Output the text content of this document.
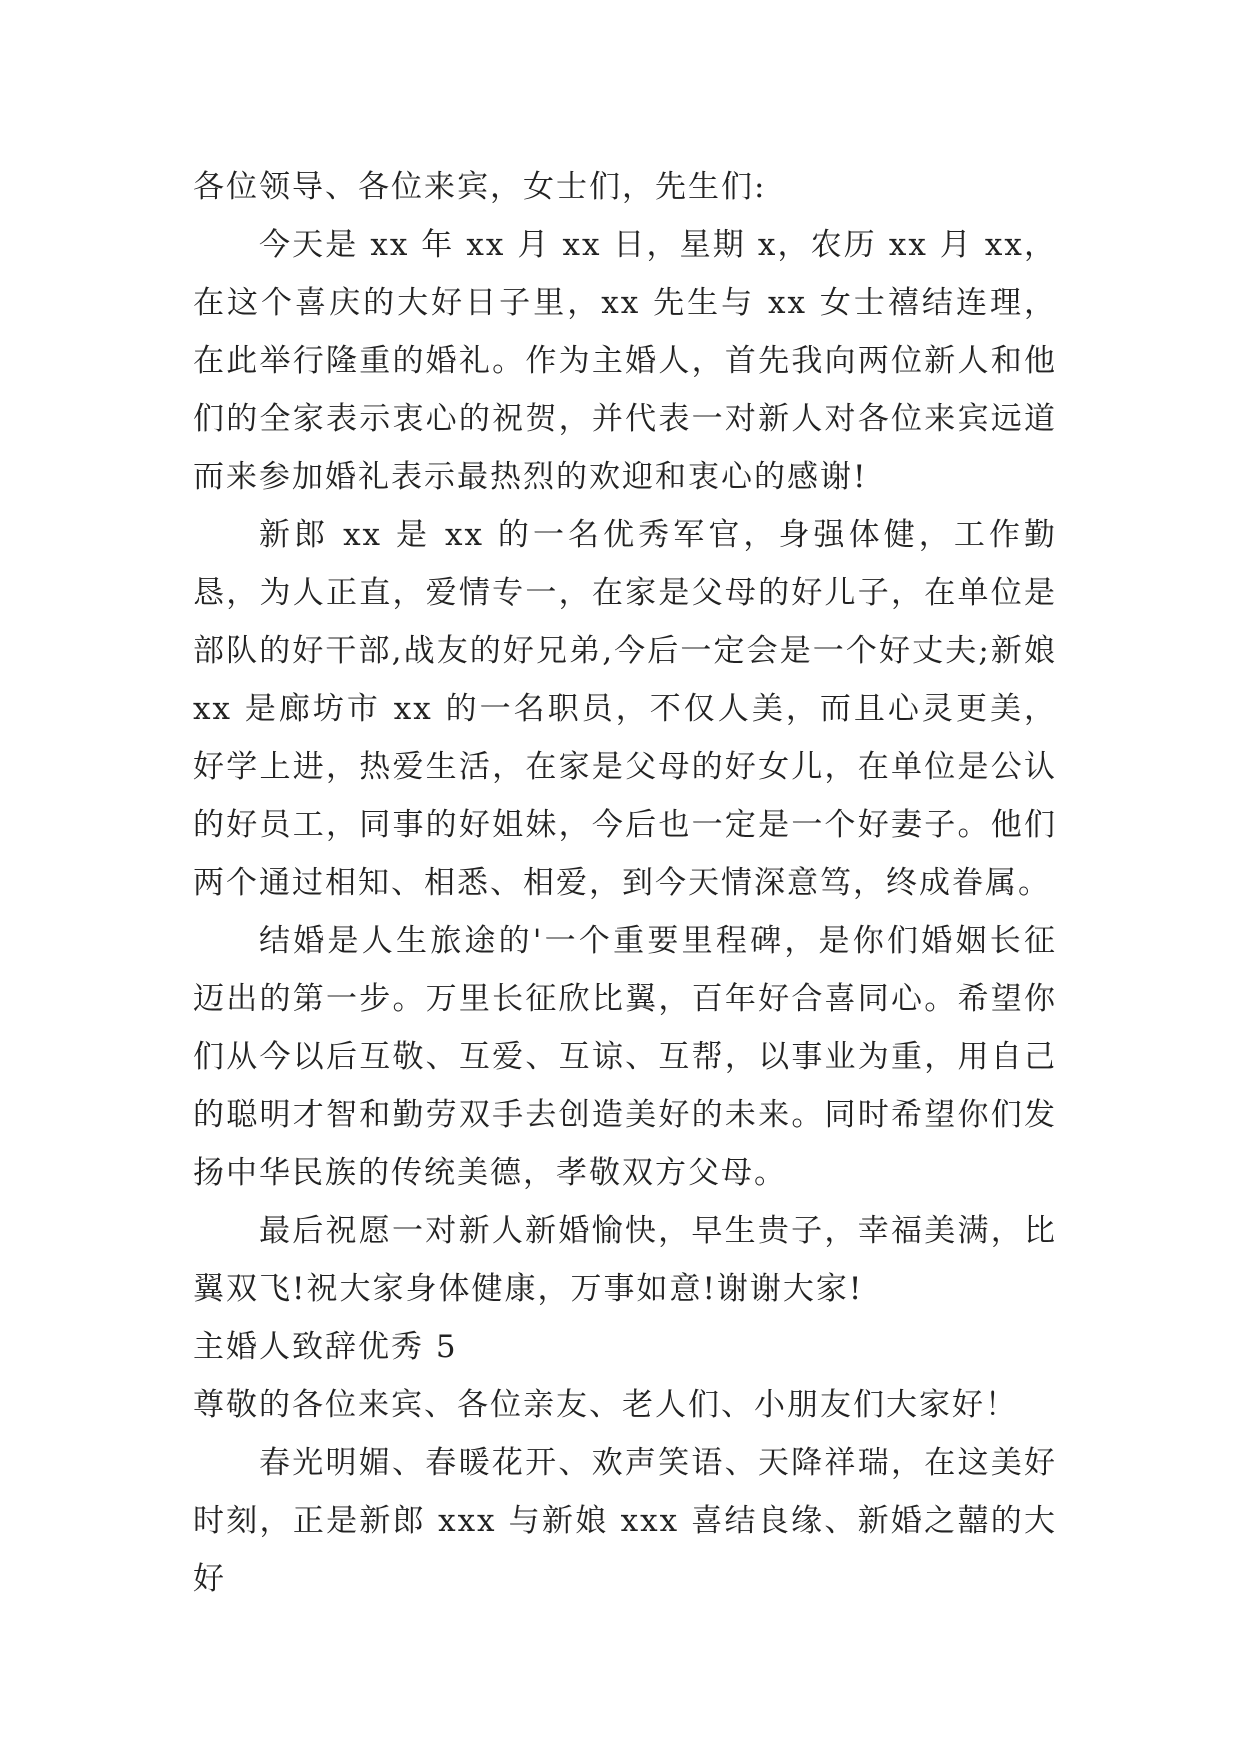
各位领导、各位来宾，女士们，先生们:

今天是 xx 年 xx 月 xx 日，星期 x，农历 xx 月 xx，在这个喜庆的大好日子里，xx 先生与 xx 女士禧结连理，在此举行隆重的婚礼。作为主婚人，首先我向两位新人和他们的全家表示衷心的祝贺，并代表一对新人对各位来宾远道而来参加婚礼表示最热烈的欢迎和衷心的感谢!

新郎 xx 是 xx 的一名优秀军官，身强体健，工作勤恳，为人正直，爱情专一，在家是父母的好儿子，在单位是部队的好干部,战友的好兄弟,今后一定会是一个好丈夫;新娘 xx 是廊坊市 xx 的一名职员，不仅人美，而且心灵更美，好学上进，热爱生活，在家是父母的好女儿，在单位是公认的好员工，同事的好姐妹，今后也一定是一个好妻子。他们两个通过相知、相悉、相爱，到今天情深意笃，终成眷属。

结婚是人生旅途的'一个重要里程碑，是你们婚姻长征迈出的第一步。万里长征欣比翼，百年好合喜同心。希望你们从今以后互敬、互爱、互谅、互帮，以事业为重，用自己的聪明才智和勤劳双手去创造美好的未来。同时希望你们发扬中华民族的传统美德，孝敬双方父母。

最后祝愿一对新人新婚愉快，早生贵子，幸福美满，比翼双飞!祝大家身体健康，万事如意!谢谢大家!

主婚人致辞优秀 5

尊敬的各位来宾、各位亲友、老人们、小朋友们大家好！

春光明媚、春暖花开、欢声笑语、天降祥瑞，在这美好时刻，正是新郎 xxx 与新娘 xxx 喜结良缘、新婚之囍的大好
